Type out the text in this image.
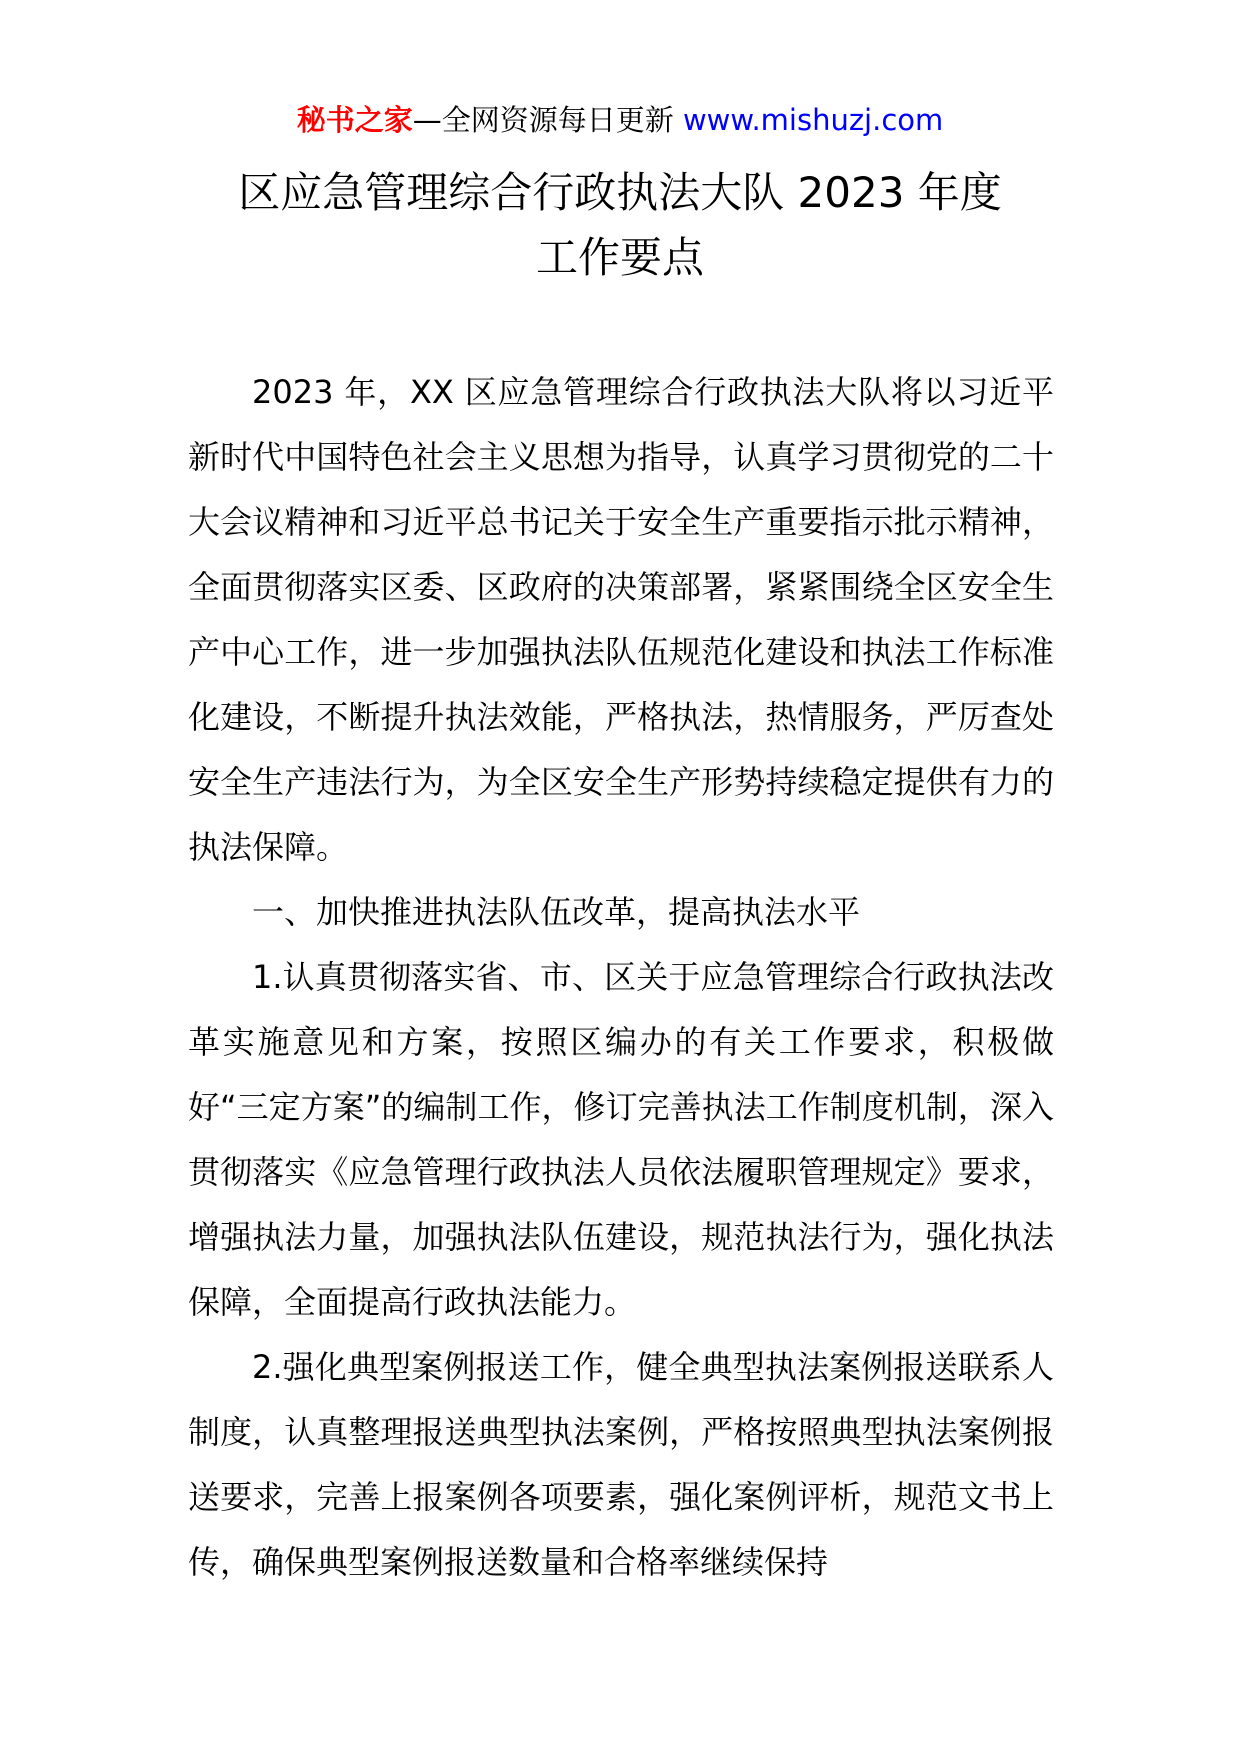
秘书之家—全网资源每日更新 www.mishuzj.com
区应急管理综合行政执法大队 2023 年度
工作要点

2023 年，XX 区应急管理综合行政执法大队将以习近平新时代中国特色社会主义思想为指导，认真学习贯彻党的二十大会议精神和习近平总书记关于安全生产重要指示批示精神，全面贯彻落实区委、区政府的决策部署，紧紧围绕全区安全生产中心工作，进一步加强执法队伍规范化建设和执法工作标准化建设，不断提升执法效能，严格执法，热情服务，严厉查处安全生产违法行为，为全区安全生产形势持续稳定提供有力的执法保障。

一、加快推进执法队伍改革，提高执法水平

1.认真贯彻落实省、市、区关于应急管理综合行政执法改革实施意见和方案，按照区编办的有关工作要求，积极做好“三定方案”的编制工作，修订完善执法工作制度机制，深入贯彻落实《应急管理行政执法人员依法履职管理规定》要求，增强执法力量，加强执法队伍建设，规范执法行为，强化执法保障，全面提高行政执法能力。

2.强化典型案例报送工作，健全典型执法案例报送联系人制度，认真整理报送典型执法案例，严格按照典型执法案例报送要求，完善上报案例各项要素，强化案例评析，规范文书上传，确保典型案例报送数量和合格率继续保持
